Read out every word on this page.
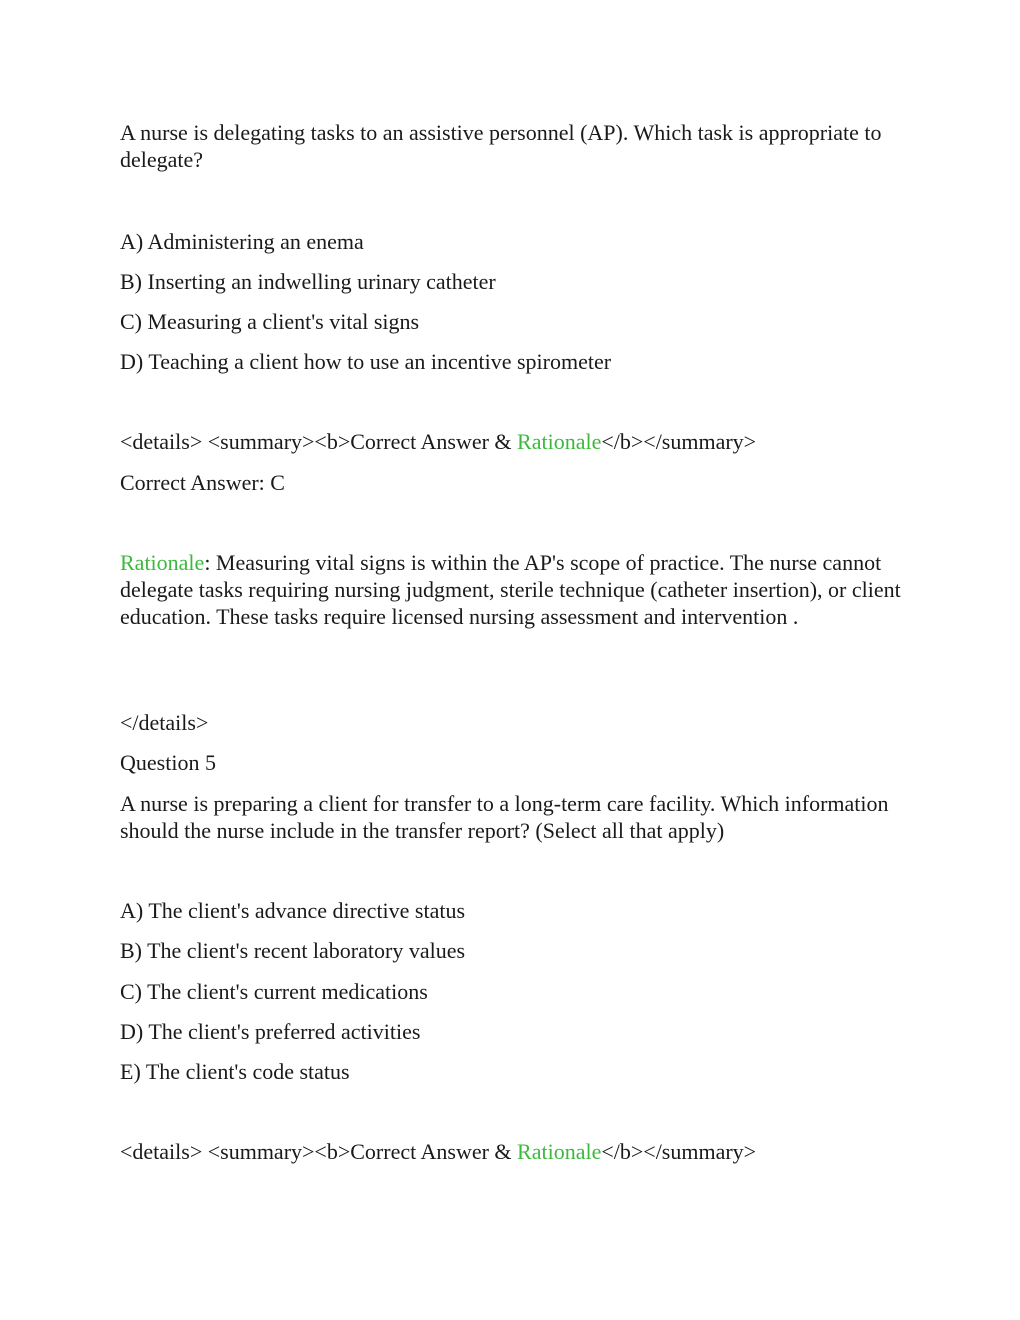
A nurse is delegating tasks to an assistive personnel (AP). Which task is appropriate to delegate?
A) Administering an enema
B) Inserting an indwelling urinary catheter
C) Measuring a client's vital signs
D) Teaching a client how to use an incentive spirometer
<details> <summary><b>Correct Answer & Rationale</b></summary>
Correct Answer: C
Rationale: Measuring vital signs is within the AP's scope of practice. The nurse cannot delegate tasks requiring nursing judgment, sterile technique (catheter insertion), or client education. These tasks require licensed nursing assessment and intervention .
</details>
Question 5
A nurse is preparing a client for transfer to a long-term care facility. Which information should the nurse include in the transfer report? (Select all that apply)
A) The client's advance directive status
B) The client's recent laboratory values
C) The client's current medications
D) The client's preferred activities
E) The client's code status
<details> <summary><b>Correct Answer & Rationale</b></summary>
